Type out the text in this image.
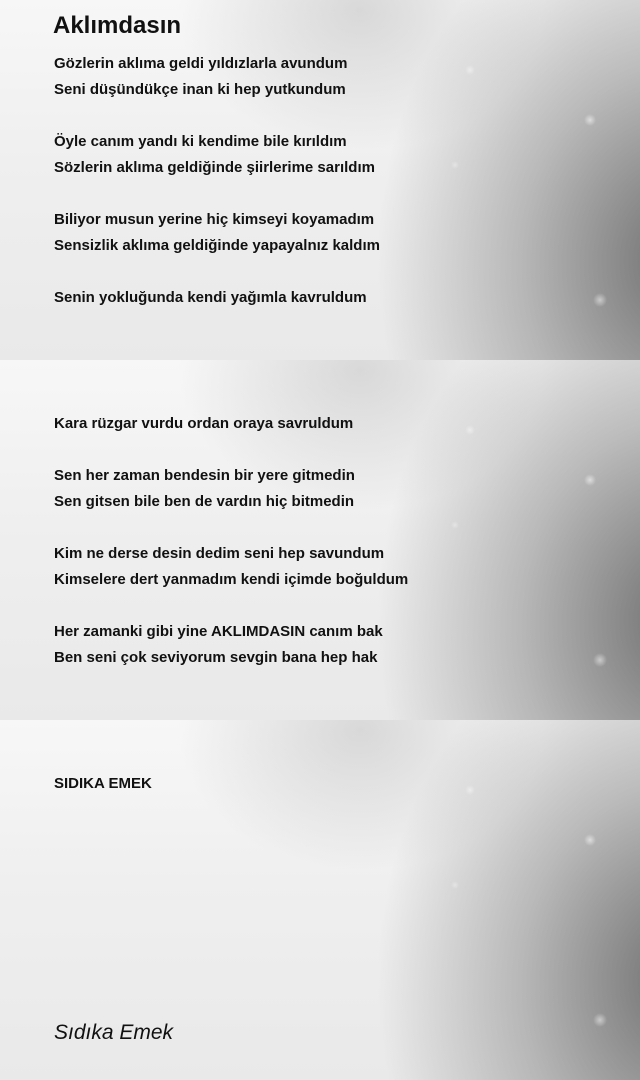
Aklımdasın

Gözlerin aklıma geldi yıldızlarla avundum

Seni düşündükçe inan ki hep yutkundum

Öyle canım yandı ki kendime bile kırıldım

Sözlerin aklıma geldiğinde şiirlerime sarıldım

Biliyor musun yerine hiç kimseyi koyamadım

Sensizlik aklıma geldiğinde yapayalnız kaldım

Senin yokluğunda kendi yağımla kavruldum

Kara rüzgar vurdu ordan oraya savruldum

Sen her zaman bendesin bir yere gitmedin

Sen gitsen bile ben de vardın hiç bitmedin

Kim ne derse desin dedim seni hep savundum

Kimselere dert yanmadım kendi içimde boğuldum

Her zamanki gibi yine AKLIMDASIN canım bak

Ben seni çok seviyorum sevgin bana hep hak

SIDIKA EMEK

Sıdıka Emek
